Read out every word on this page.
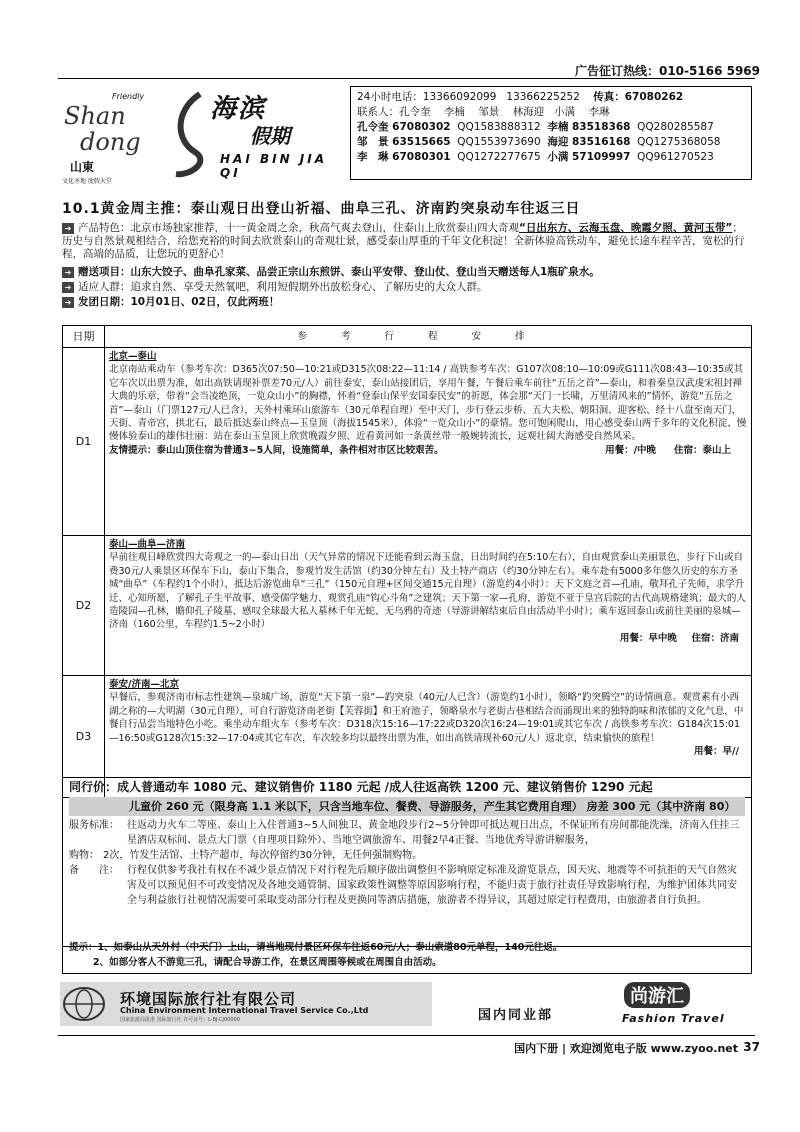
广告征订热线：010-5166 5969
Friendly
Shan
dong
山東
文化圣地 度假天堂
海滨
假期
HAI BIN JIA QI
24小时电话：13366092099 13366225252 传真：67080262
联系人：孔令奎 李楠 邹景 林海迎 小满 李琳
孔令奎 67080302 QQ1583888312 李楠 83518368 QQ280285587
邹　景 63515665 QQ1553973690 海迎 83516168 QQ1275368058
李　琳 67080301 QQ1272277675 小满 57109997 QQ961270523
10.1黄金周主推：泰山观日出登山祈福、曲阜三孔、济南趵突泉动车往返三日
➔ 产品特色：北京市场独家推荐，十一黄金周之余，秋高气爽去登山，住泰山上欣赏泰山四大奇观“日出东方、云海玉盘、晚霞夕照、黄河玉带”；历史与自然景观相结合，给您充裕的时间去欣赏泰山的奇观壮景，感受泰山厚重的千年文化积淀！全新体验高铁动车，避免长途车程辛苦，宽松的行程，高端的品质，让您玩的更舒心！
➔ 赠送项目：山东大饺子、曲阜孔家菜、品尝正宗山东煎饼、泰山平安带、登山仗、登山当天赠送每人1瓶矿泉水。
➔ 适应人群：追求自然、享受天然氧吧，利用短假期外出放松身心、了解历史的大众人群。
➔ 发团日期：10月01日、02日，仅此两班！
日期	参考行程安排
D1	北京—泰山
北京南站乘动车（参考车次：D365次07:50—10:21或D315次08:22—11:14 / 高铁参考车次：G107次08:10—10:09或G111次08:43—10:35或其它车次以出票为准，如出高铁请现补票差70元/人）前往泰安，泰山站接团后，享用午餐，午餐后乘车前往“五岳之首”—泰山，和着秦皇汉武虔宋祖封禅大典的乐章，带着“会当凌绝顶，一览众山小”的胸襟，怀着“登泰山保平安国泰民安”的祈愿，体会那“天门一长啸，万里清风来的”情怀，游览“五岳之首”—泰山（门票127元/人已含），天外村乘环山旅游车（30元单程自理）至中天门，步行登云步桥、五大夫松、朝阳洞、迎客松、经十八盘至南天门，天街、青帝宫，拱北石，最后抵达泰山终点—玉皇顶（海拔1545米），体验“一览众山小”的豪情。您可饱闲爬山，用心感受泰山两千多年的文化积淀、慢慢体验泰山的雄伟壮丽：站在泰山玉皇顶上欣赏晚霞夕照、近看黄河如一条黄丝带一般婉转流长，远观壮阔大海感受自然风采。
友情提示：泰山山顶住宿为普通3~5人间，设施简单，条件相对市区比较艰苦。 用餐：/中晚 住宿：泰山上

D2	泰山—曲阜—济南
早前往观日峰欣赏四大奇观之一的—泰山日出（天气异常的情况下还能看到云海玉盘，日出时间约在5:10左右），自由观赏泰山美丽景色，步行下山或自费30元/人乘景区环保车下山，泰山下集合，参观竹发生活馆（约30分钟左右）及土特产商店（约30分钟左右）。乘车赴有5000多年悠久历史的东方圣城“曲阜”（车程约1个小时），抵达后游览曲阜“三孔”（150元自理+区间交通15元自理）（游览约4小时）：天下文庭之首—孔庙，敬拜孔子先师，求学升迁、心知所愿，了解孔子生平故事、感受儒学魅力、观赏孔庙“钩心斗角”之建筑；天下第一家—孔府，游览不亚于皇宫后院的古代高规格建筑；最大的人造陵园—孔林，瞻仰孔子陵墓、感叹全球最大私人墓林千年无蛇、无乌鸦的奇迹（导游讲解结束后自由活动半小时）；乘车返回泰山或前往美丽的泉城—济南（160公里，车程约1.5~2小时）
用餐：早中晚
住宿：济南

D3	泰安/济南—北京
早餐后，参观济南市标志性建筑—泉城广场，游览“天下第一泉”—趵突泉（40元/人已含）（游览约1小时），领略“趵突腾空”的诗情画意。观赏素有小西湖之称的—大明湖（30元自理），可自行游览济南老街【芙蓉街】和王府池子，领略泉水与老街古巷相结合而涌现出来的独特韵味和浓郁的文化气息，中餐自行品尝当地特色小吃。乘坐动车组火车（参考车次：D318次15:16—17:22或D320次16:24—19:01或其它车次 / 高铁参考车次：G184次15:01—16:50或G128次15:32—17:04或其它车次，车次较多均以最终出票为准，如出高铁请现补60元/人）返北京，结束愉快的旅程！
用餐：早//
同行价：成人普通动车 1080 元、建议销售价 1180 元起 /成人往返高铁 1200 元、建议销售价 1290 元起
儿童价 260 元（限身高 1.1 米以下，只含当地车位、餐费、导游服务，产生其它费用自理） 房差 300 元（其中济南 80）
服务标准： 往返动力火车二等座、泰山上入住普通3~5人间独卫、黄金地段步行2~5分钟即可抵达观日出点，不保证所有房间都能洗澡，济南入住挂三星酒店双标间、景点大门票（自理项目除外）、当地空调旅游车、用餐2早4正餐、当地优秀导游讲解服务，
购物： 2次，竹发生活馆、土特产超市，每次停留约30分钟，无任何强制购物。
备　　注： 行程仅供参考我社有权在不减少景点情况下对行程先后顺序做出调整但不影响原定标准及游览景点，因天灾、地震等不可抗拒的天气自然灾害及可以预见但不可改变情况及各地交通管制、国家政策性调整等原因影响行程，不能归责于旅行社责任导致影响行程，为维护团体共同安全与利益旅行社视情况需要可采取变动部分行程及更换同等酒店措施，旅游者不得异议，其超过原定行程费用，由旅游者自行负担。
提示：1、如泰山从天外村（中天门）上山，请当地现付景区环保车往返60元/人；泰山索道80元单程，140元往返。
2、如部分客人不游览三孔，请配合导游工作，在景区周围等候或在周围自由活动。
环境国际旅行社有限公司
China Environment International Travel Service Co.,Ltd
国家旅游局批准 国际旅行社 许可证号：L-BJ-CJ00000	国内同业部
尚游汇
Fashion Travel
国内下册 | 欢迎浏览电子版 www.zyoo.net 37
